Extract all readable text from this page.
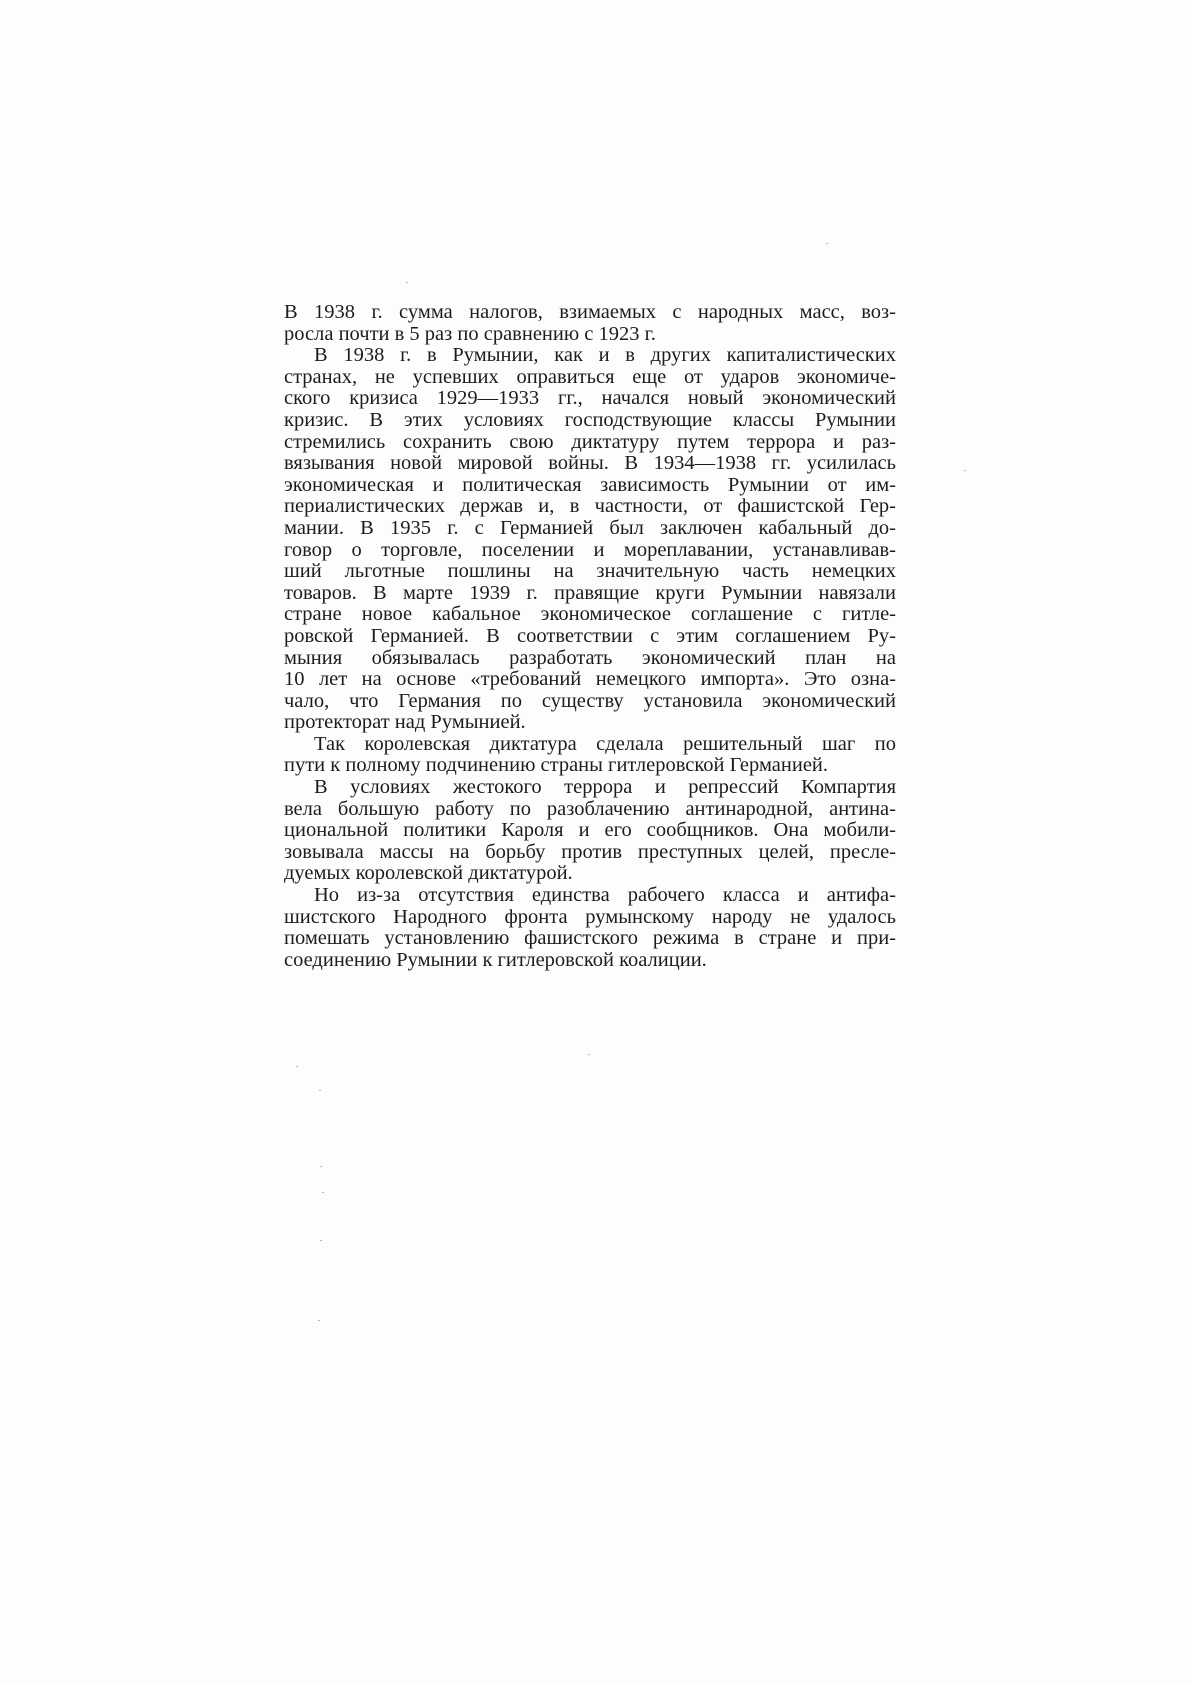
В 1938 г. сумма налогов, взимаемых с народных масс, воз-
росла почти в 5 раз по сравнению с 1923 г.
В 1938 г. в Румынии, как и в других капиталистических
странах, не успевших оправиться еще от ударов экономиче-
ского кризиса 1929—1933 гг., начался новый экономический
кризис. В этих условиях господствующие классы Румынии
стремились сохранить свою диктатуру путем террора и раз-
вязывания новой мировой войны. В 1934—1938 гг. усилилась
экономическая и политическая зависимость Румынии от им-
периалистических держав и, в частности, от фашистской Гер-
мании. В 1935 г. с Германией был заключен кабальный до-
говор о торговле, поселении и мореплавании, устанавливав-
ший льготные пошлины на значительную часть немецких
товаров. В марте 1939 г. правящие круги Румынии навязали
стране новое кабальное экономическое соглашение с гитле-
ровской Германией. В соответствии с этим соглашением Ру-
мыния обязывалась разработать экономический план на
10 лет на основе «требований немецкого импорта». Это озна-
чало, что Германия по существу установила экономический
протекторат над Румынией.
Так королевская диктатура сделала решительный шаг по
пути к полному подчинению страны гитлеровской Германией.
В условиях жестокого террора и репрессий Компартия
вела большую работу по разоблачению антинародной, антина-
циональной политики Кароля и его сообщников. Она мобили-
зовывала массы на борьбу против преступных целей, пресле-
дуемых королевской диктатурой.
Но из-за отсутствия единства рабочего класса и антифа-
шистского Народного фронта румынскому народу не удалось
помешать установлению фашистского режима в стране и при-
соединению Румынии к гитлеровской коалиции.
